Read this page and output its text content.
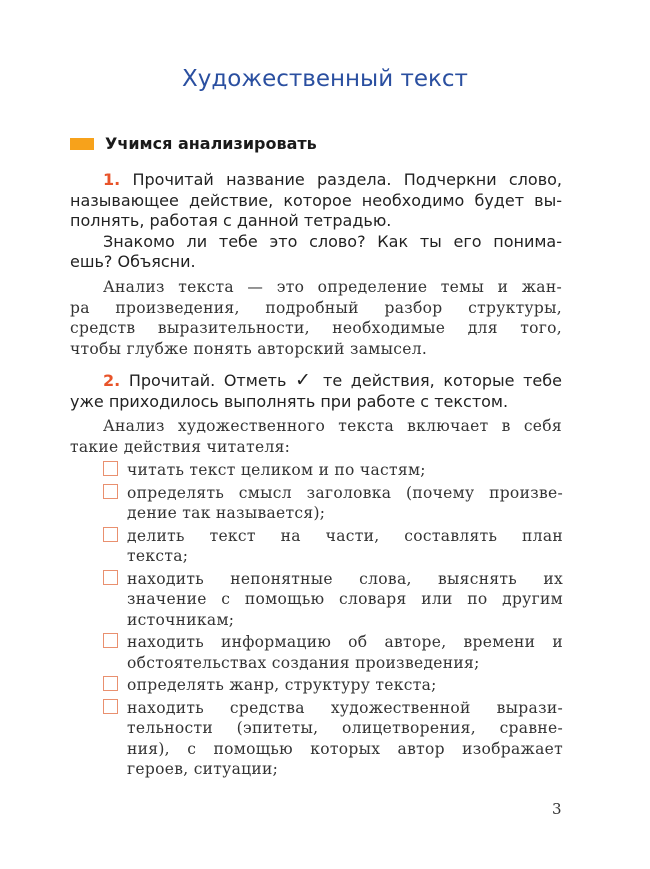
Художественный текст
Учимся анализировать
1. Прочитай название раздела. Подчеркни слово,
называющее действие, которое необходимо будет вы-
полнять, работая с данной тетрадью.
Знакомо ли тебе это слово? Как ты его понима-
ешь? Объясни.
Анализ текста — это определение темы и жан-
ра произведения, подробный разбор структуры,
средств выразительности, необходимые для того,
чтобы глубже понять авторский замысел.
2. Прочитай. Отметь ✓ те действия, которые тебе
уже приходилось выполнять при работе с текстом.
Анализ художественного текста включает в себя
такие действия читателя:
читать текст целиком и по частям;
определять смысл заголовка (почему произве-
дение так называется);
делить текст на части, составлять план
текста;
находить непонятные слова, выяснять их
значение с помощью словаря или по другим
источникам;
находить информацию об авторе, времени и
обстоятельствах создания произведения;
определять жанр, структуру текста;
находить средства художественной вырази-
тельности (эпитеты, олицетворения, сравне-
ния), с помощью которых автор изображает
героев, ситуации;
3
